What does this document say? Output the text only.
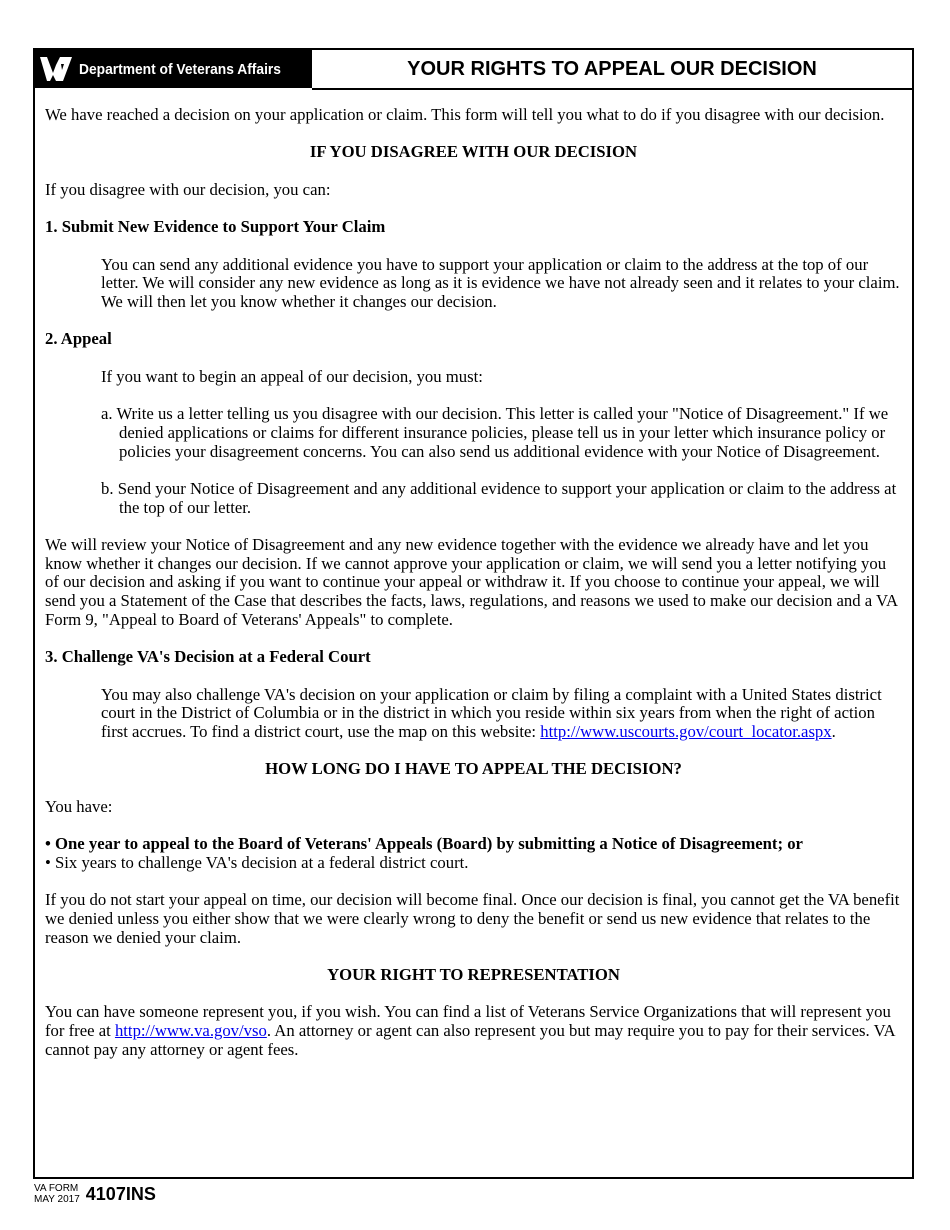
Department of Veterans Affairs	YOUR RIGHTS TO APPEAL OUR DECISION

We have reached a decision on your application or claim. This form will tell you what to do if you disagree with our decision.

IF YOU DISAGREE WITH OUR DECISION

If you disagree with our decision, you can:

1. Submit New Evidence to Support Your Claim

You can send any additional evidence you have to support your application or claim to the address at the top of our letter. We will consider any new evidence as long as it is evidence we have not already seen and it relates to your claim. We will then let you know whether it changes our decision.

2. Appeal

If you want to begin an appeal of our decision, you must:

a. Write us a letter telling us you disagree with our decision. This letter is called your "Notice of Disagreement." If we denied applications or claims for different insurance policies, please tell us in your letter which insurance policy or policies your disagreement concerns. You can also send us additional evidence with your Notice of Disagreement.

b. Send your Notice of Disagreement and any additional evidence to support your application or claim to the address at the top of our letter.

We will review your Notice of Disagreement and any new evidence together with the evidence we already have and let you know whether it changes our decision. If we cannot approve your application or claim, we will send you a letter notifying you of our decision and asking if you want to continue your appeal or withdraw it. If you choose to continue your appeal, we will send you a Statement of the Case that describes the facts, laws, regulations, and reasons we used to make our decision and a VA Form 9, "Appeal to Board of Veterans' Appeals" to complete.

3. Challenge VA's Decision at a Federal Court

You may also challenge VA's decision on your application or claim by filing a complaint with a United States district court in the District of Columbia or in the district in which you reside within six years from when the right of action first accrues. To find a district court, use the map on this website: http://www.uscourts.gov/court_locator.aspx.

HOW LONG DO I HAVE TO APPEAL THE DECISION?

You have:

• One year to appeal to the Board of Veterans' Appeals (Board) by submitting a Notice of Disagreement; or

• Six years to challenge VA's decision at a federal district court.

If you do not start your appeal on time, our decision will become final. Once our decision is final, you cannot get the VA benefit we denied unless you either show that we were clearly wrong to deny the benefit or send us new evidence that relates to the reason we denied your claim.

YOUR RIGHT TO REPRESENTATION

You can have someone represent you, if you wish. You can find a list of Veterans Service Organizations that will represent you for free at http://www.va.gov/vso. An attorney or agent can also represent you but may require you to pay for their services. VA cannot pay any attorney or agent fees.

VA FORM
MAY 2017 4107INS
